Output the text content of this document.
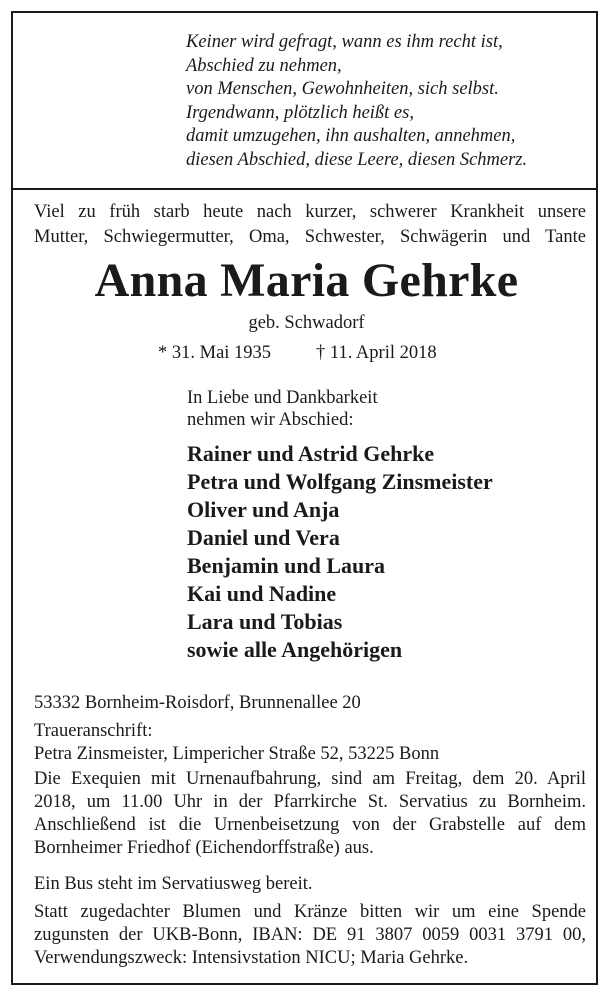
Keiner wird gefragt, wann es ihm recht ist,
Abschied zu nehmen,
von Menschen, Gewohnheiten, sich selbst.
Irgendwann, plötzlich heißt es,
damit umzugehen, ihn aushalten, annehmen,
diesen Abschied, diese Leere, diesen Schmerz.
Viel zu früh starb heute nach kurzer, schwerer Krankheit unsere
Mutter, Schwiegermutter, Oma, Schwester, Schwägerin und Tante
Anna Maria Gehrke
geb. Schwadorf
* 31. Mai 1935 † 11. April 2018
In Liebe und Dankbarkeit
nehmen wir Abschied:
Rainer und Astrid Gehrke
Petra und Wolfgang Zinsmeister
Oliver und Anja
Daniel und Vera
Benjamin und Laura
Kai und Nadine
Lara und Tobias
sowie alle Angehörigen
53332 Bornheim-Roisdorf, Brunnenallee 20
Traueranschrift:
Petra Zinsmeister, Limpericher Straße 52, 53225 Bonn
Die Exequien mit Urnenaufbahrung, sind am Freitag, dem 20. April
2018, um 11.00 Uhr in der Pfarrkirche St. Servatius zu Bornheim.
Anschließend ist die Urnenbeisetzung von der Grabstelle auf dem
Bornheimer Friedhof (Eichendorffstraße) aus.
Ein Bus steht im Servatiusweg bereit.
Statt zugedachter Blumen und Kränze bitten wir um eine Spende
zugunsten der UKB-Bonn, IBAN: DE 91 3807 0059 0031 3791 00,
Verwendungszweck: Intensivstation NICU; Maria Gehrke.
